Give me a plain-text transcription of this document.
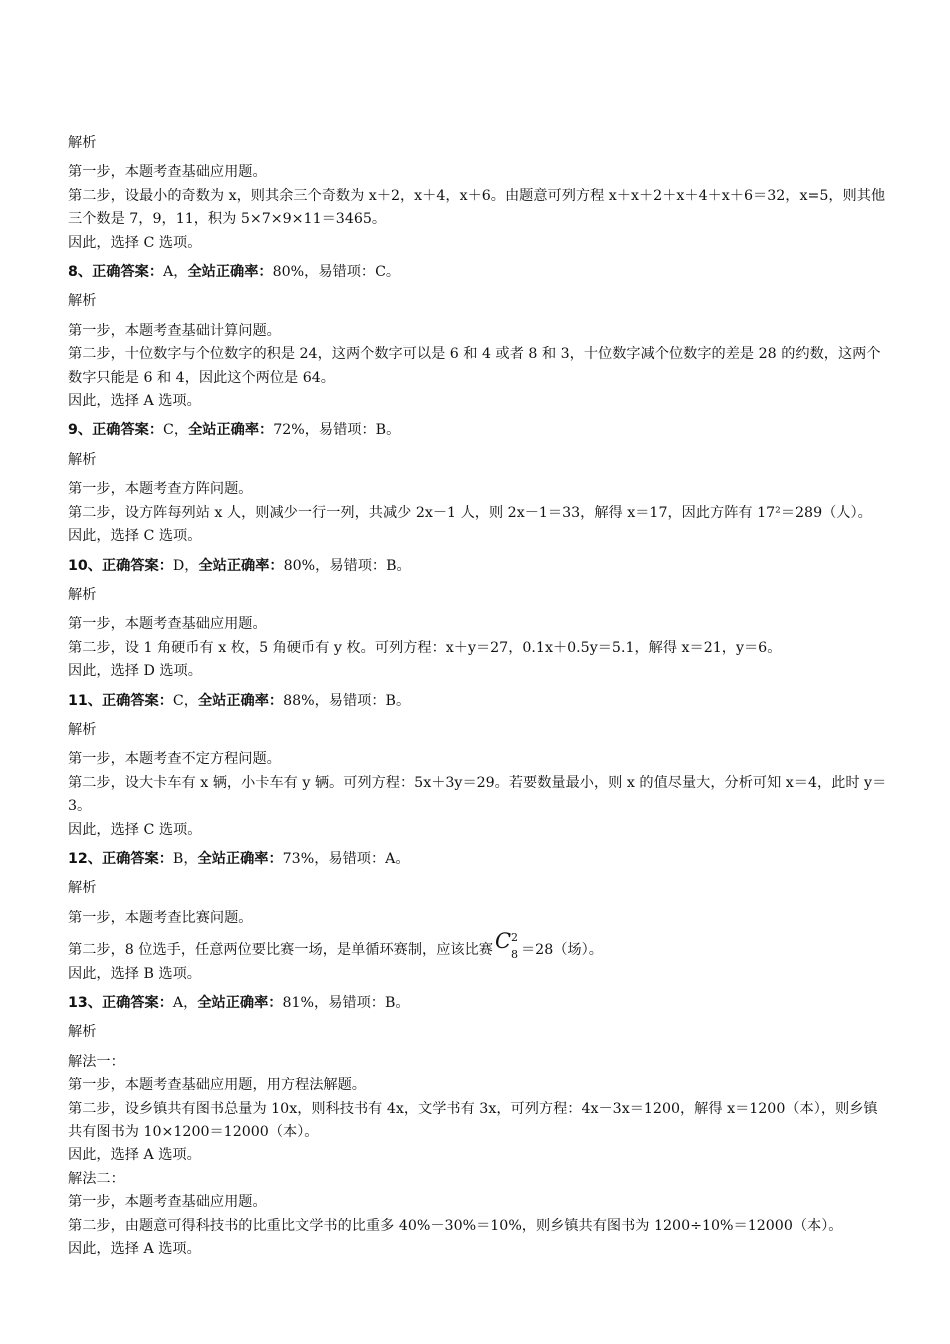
解析

第一步，本题考查基础应用题。

第二步，设最小的奇数为 x，则其余三个奇数为 x＋2，x＋4，x＋6。由题意可列方程 x＋x＋2＋x＋4＋x＋6＝32，x=5，则其他三个数是 7，9，11，积为 5×7×9×11＝3465。

因此，选择 C 选项。

8、正确答案：A，全站正确率：80%，易错项：C。

解析

第一步，本题考查基础计算问题。

第二步，十位数字与个位数字的积是 24，这两个数字可以是 6 和 4 或者 8 和 3，十位数字减个位数字的差是 28 的约数，这两个数字只能是 6 和 4，因此这个两位是 64。

因此，选择 A 选项。

9、正确答案：C，全站正确率：72%，易错项：B。

解析

第一步，本题考查方阵问题。

第二步，设方阵每列站 x 人，则减少一行一列，共减少 2x－1 人，则 2x－1＝33，解得 x＝17，因此方阵有 17²＝289（人）。

因此，选择 C 选项。

10、正确答案：D，全站正确率：80%，易错项：B。

解析

第一步，本题考查基础应用题。

第二步，设 1 角硬币有 x 枚，5 角硬币有 y 枚。可列方程：x＋y＝27，0.1x＋0.5y＝5.1，解得 x＝21，y＝6。

因此，选择 D 选项。

11、正确答案：C，全站正确率：88%，易错项：B。

解析

第一步，本题考查不定方程问题。

第二步，设大卡车有 x 辆，小卡车有 y 辆。可列方程：5x＋3y＝29。若要数量最小，则 x 的值尽量大，分析可知 x＝4，此时 y＝3。

因此，选择 C 选项。

12、正确答案：B，全站正确率：73%，易错项：A。

解析

第一步，本题考查比赛问题。

第二步，8 位选手，任意两位要比赛一场，是单循环赛制，应该比赛 C 2
8 ＝28（场）。

因此，选择 B 选项。

13、正确答案：A，全站正确率：81%，易错项：B。

解析

解法一：

第一步，本题考查基础应用题，用方程法解题。

第二步，设乡镇共有图书总量为 10x，则科技书有 4x，文学书有 3x，可列方程：4x－3x＝1200，解得 x＝1200（本），则乡镇共有图书为 10×1200＝12000（本）。

因此，选择 A 选项。

解法二：

第一步，本题考查基础应用题。

第二步，由题意可得科技书的比重比文学书的比重多 40%－30%＝10%，则乡镇共有图书为 1200÷10%＝12000（本）。

因此，选择 A 选项。
